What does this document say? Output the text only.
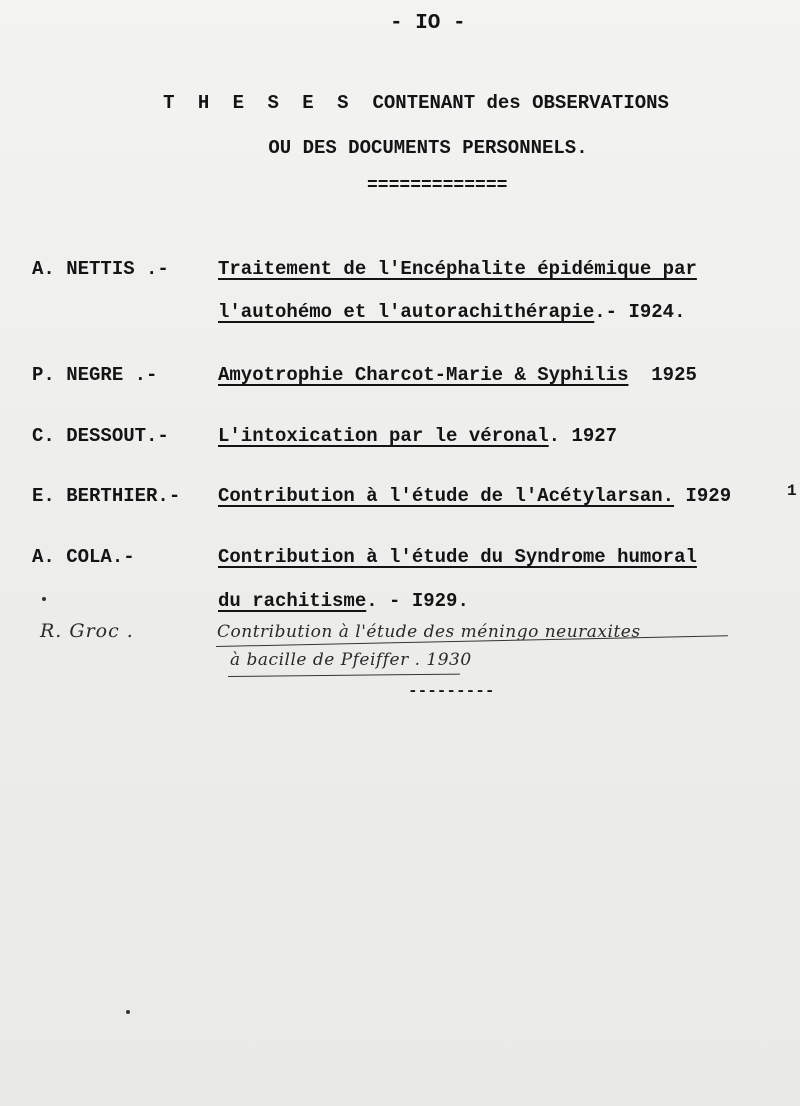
- IO -
T H E S E S CONTENANT des OBSERVATIONS
OU DES DOCUMENTS PERSONNELS.
=============
A. NETTIS .-	Traitement de l'Encéphalite épidémique par
l'autohémo et l'autorachithérapie.- I924.
P. NEGRE .-	Amyotrophie Charcot-Marie & Syphilis 1925
C. DESSOUT.-	L'intoxication par le véronal. 1927
E. BERTHIER.- Contribution à l'étude de l'Acétylarsan. I929	1
A. COLA.-	Contribution à l'étude du Syndrome humoral
du rachitisme. - I929.
R. Groc .	Contribution à l'étude des méningo neuraxites
à bacille de Pfeiffer . 1930
---------
